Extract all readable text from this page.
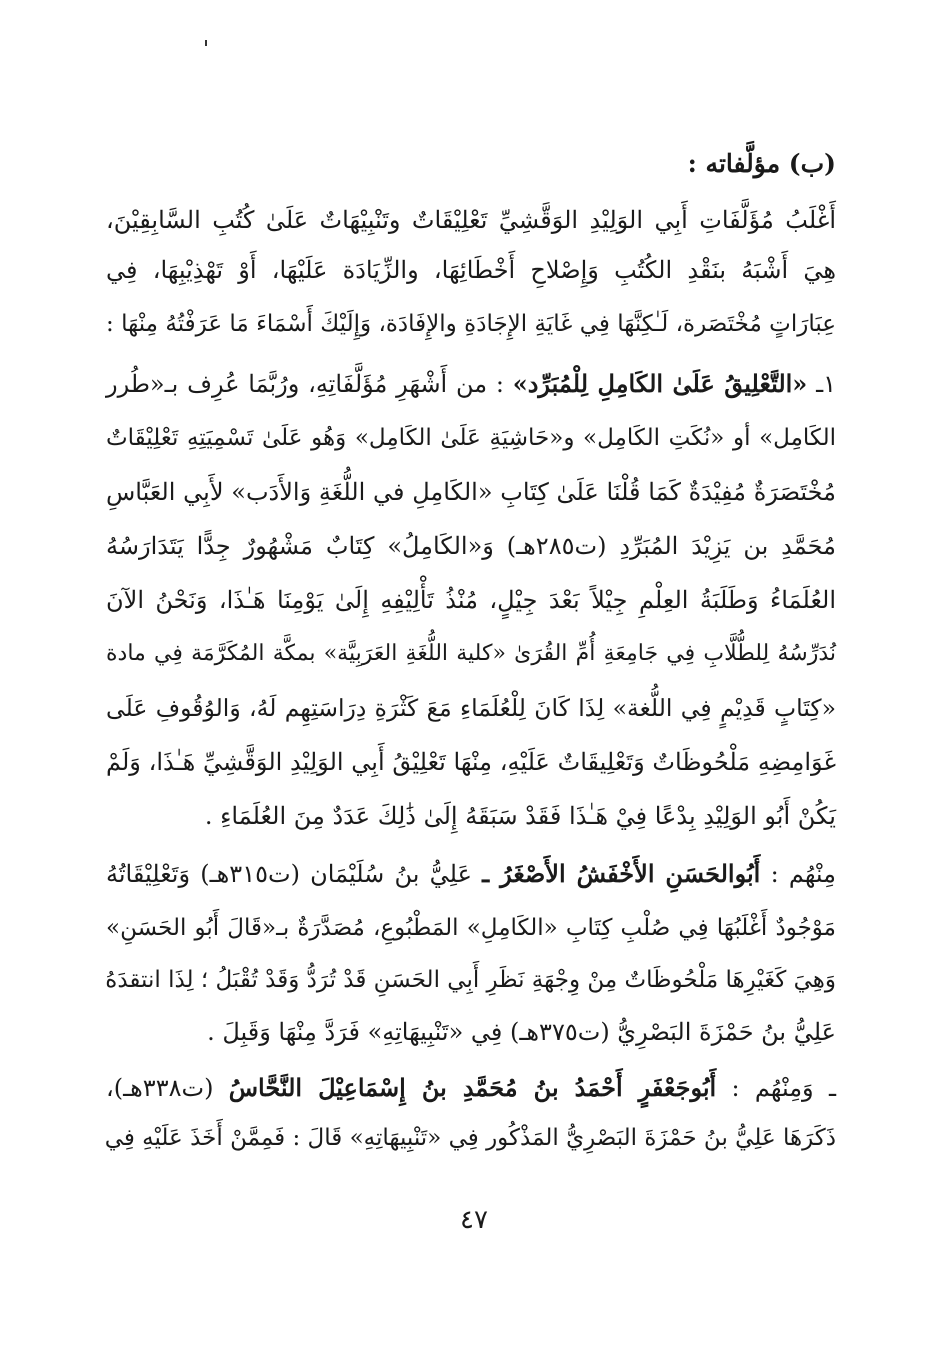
(ب) مؤلَّفاته :
أَغْلَبُ مُؤَلَّفَاتِ أَبِي الوَلِيْدِ الوَقَّشِيِّ تَعْلِيْقَاتٌ وتَنْبِيْهَاتٌ عَلَىٰ كُتُبِ السَّابِقِيْنَ،
هِيَ أَشْبَهُ بنَقْدِ الكُتُبِ وَإِصْلاحِ أَخْطَائِهَا، والزِّيَادَة عَلَيْهَا، أَوْ تَهْذِيْبِهَا، فِي
عِبَارَاتٍ مُخْتَصَرة، لَـٰكِنَّهَا فِي غَايَةِ الإِجَادَةِ والإِفَادَة، وَإِلَيْكَ أَسْمَاءَ مَا عَرَفْتُهُ مِنْهَا :
١ـ «التَّعْلِيقُ عَلَىٰ الكَامِلِ لِلْمُبَرِّد» : من أَشْهَرِ مُؤَلَّفَاتِهِ، ورُبَّمَا عُرِف بـ«طُرر
الكَامِل» أو «نُكَتِ الكَامِل» و«حَاشِيَةِ عَلَىٰ الكَامِل» وَهُو عَلَىٰ تَسْمِيَتِهِ تَعْلِيْقَاتٌ
مُخْتَصَرَةٌ مُفِيْدَةٌ كَمَا قُلْنَا عَلَىٰ كِتَابِ «الكَامِلِ في اللُّغَةِ وَالأَدَب» لأَبِي العَبَّاسِ
مُحَمَّدِ بن يَزِيْدَ المُبَرِّدِ (ت٢٨٥هـ) وَ«الكَامِلُ» كِتَابٌ مَشْهُورٌ جِدًّا يَتَدَارَسُهُ
العُلَمَاءُ وَطَلَبَةُ العِلْمِ جِيْلاً بَعْدَ جِيْلٍ، مُنْذُ تَأْلِيْفِهِ إِلَىٰ يَوْمِنَا هَـٰذَا، وَنَحْنُ الآنَ
نُدَرِّسُهُ لِلطُّلَّابِ فِي جَامِعَةِ أُمِّ القُرَىٰ «كلية اللُّغَةِ العَرَبِيَّة» بمكَّة المُكَرَّمَة فِي مادة
«كِتَابٍ قَدِيْمٍ فِي اللُّغة» لِذَا كَانَ لِلْعُلَمَاءِ مَعَ كَثْرَةِ دِرَاسَتِهِم لَهُ، وَالوُقُوفِ عَلَى
غَوَامِضِهِ مَلْحُوظَاتٌ وَتَعْلِيقَاتٌ عَلَيْهِ، مِنْهَا تَعْلِيْقُ أَبِي الوَلِيْدِ الوَقَّشِيِّ هَـٰذَا، وَلَمْ
يَكُنْ أَبُو الوَلِيْدِ بِدْعًا فِيْ هَـٰذَا فَقَدْ سَبَقَهُ إِلَىٰ ذَٰلِكَ عَدَدٌ مِنَ العُلَمَاءِ .
مِنْهُم : أَبُوالحَسَنِ الأَخْفَشُ الأَصْغَرُ ـ عَلِيُّ بنُ سُلَيْمَان (ت٣١٥هـ) وَتَعْلِيْقَاتُهُ
مَوْجُودٌ أَغْلَبُهَا فِي صُلْبِ كِتَابِ «الكَامِلِ» المَطْبُوعِ، مُصَدَّرَةٌ بـ«قَالَ أَبُو الحَسَنِ»
وَهِيَ كَغَيْرِهَا مَلْحُوظَاتٌ مِنْ وِجْهَةِ نَظَرِ أَبِي الحَسَنِ قَدْ تُرَدُّ وَقَدْ تُقْبَلُ ؛ لِذَا انتقدَهُ
عَلِيُّ بنُ حَمْزَةَ البَصْرِيُّ (ت٣٧٥هـ) فِي «تَنْبِيهَاتِهِ» فَرَدَّ مِنْهَا وَقَبِلَ .
ـ وَمِنْهُم : أَبُوجَعْفَرٍ أَحْمَدُ بنُ مُحَمَّدِ بنُ إِسْمَاعِيْلَ النَّحَّاسُ (ت٣٣٨هـ)،
ذَكَرَهَا عَلِيُّ بنُ حَمْزَةَ البَصْرِيُّ المَذْكُور فِي «تَنْبِيهَاتِهِ» قَالَ : فَمِمَّنْ أَخَذَ عَلَيْهِ فِي
٤٧
